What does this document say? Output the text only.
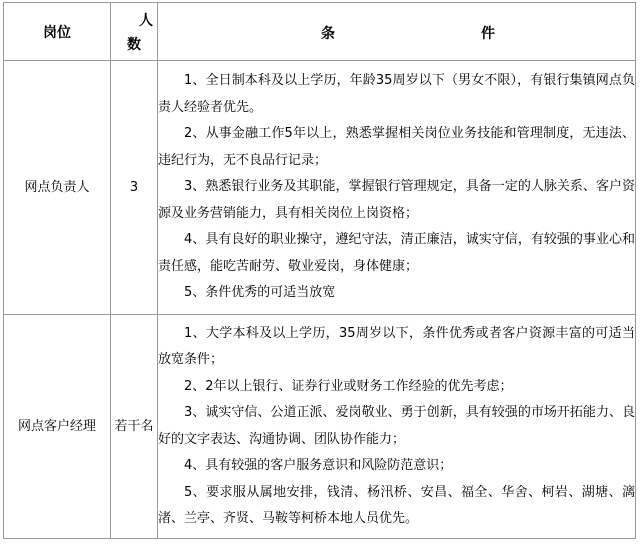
岗位	人
数	条 件

网点负责人	3	1、全日制本科及以上学历，年龄35周岁以下（男女不限），有银行集镇网点负责人经验者优先。
2、从事金融工作5年以上，熟悉掌握相关岗位业务技能和管理制度，无违法、违纪行为，无不良品行记录；
3、熟悉银行业务及其职能，掌握银行管理规定，具备一定的人脉关系、客户资源及业务营销能力，具有相关岗位上岗资格；
4、具有良好的职业操守，遵纪守法，清正廉洁，诚实守信，有较强的事业心和责任感，能吃苦耐劳、敬业爱岗，身体健康；
5、条件优秀的可适当放宽

网点客户经理	若干名	1、大学本科及以上学历，35周岁以下，条件优秀或者客户资源丰富的可适当放宽条件；
2、2年以上银行、证券行业或财务工作经验的优先考虑；
3、诚实守信、公道正派、爱岗敬业、勇于创新，具有较强的市场开拓能力、良好的文字表达、沟通协调、团队协作能力；
4、具有较强的客户服务意识和风险防范意识；
5、要求服从属地安排，钱清、杨汛桥、安昌、福全、华舍、柯岩、湖塘、漓渚、兰亭、齐贤、马鞍等柯桥本地人员优先。
